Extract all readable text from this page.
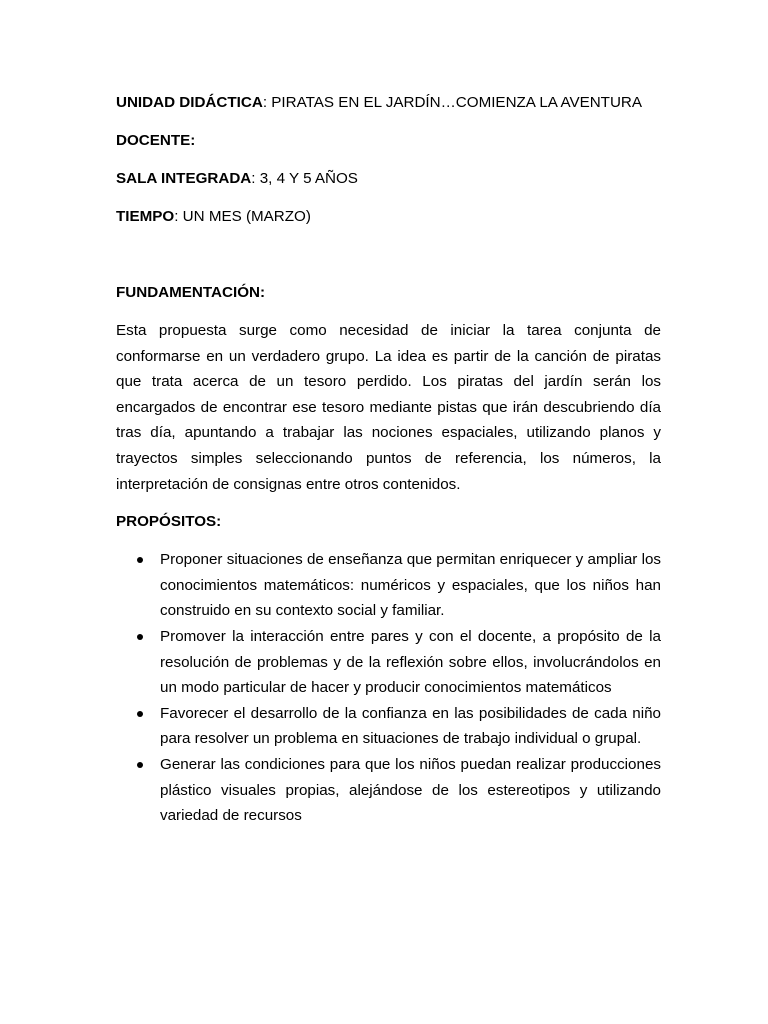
UNIDAD DIDÁCTICA: PIRATAS EN EL JARDÍN…COMIENZA LA AVENTURA

DOCENTE:

SALA INTEGRADA: 3, 4 Y 5 AÑOS

TIEMPO: UN MES (MARZO)

FUNDAMENTACIÓN:

Esta propuesta surge como necesidad de iniciar la tarea conjunta de conformarse en un verdadero grupo. La idea es partir de la canción de piratas que trata acerca de un tesoro perdido. Los piratas del jardín serán los encargados de encontrar ese tesoro mediante pistas que irán descubriendo día tras día, apuntando a trabajar las nociones espaciales, utilizando planos y trayectos simples seleccionando puntos de referencia, los números, la interpretación de consignas entre otros contenidos.

PROPÓSITOS:

Proponer situaciones de enseñanza que permitan enriquecer y ampliar los conocimientos matemáticos: numéricos y espaciales, que los niños han construido en su contexto social y familiar.
Promover la interacción entre pares y con el docente, a propósito de la resolución de problemas y de la reflexión sobre ellos, involucrándolos en un modo particular de hacer y producir conocimientos matemáticos
Favorecer el desarrollo de la confianza en las posibilidades de cada niño para resolver un problema en situaciones de trabajo individual o grupal.
Generar las condiciones para que los niños puedan realizar producciones plástico visuales propias, alejándose de los estereotipos y utilizando variedad de recursos
